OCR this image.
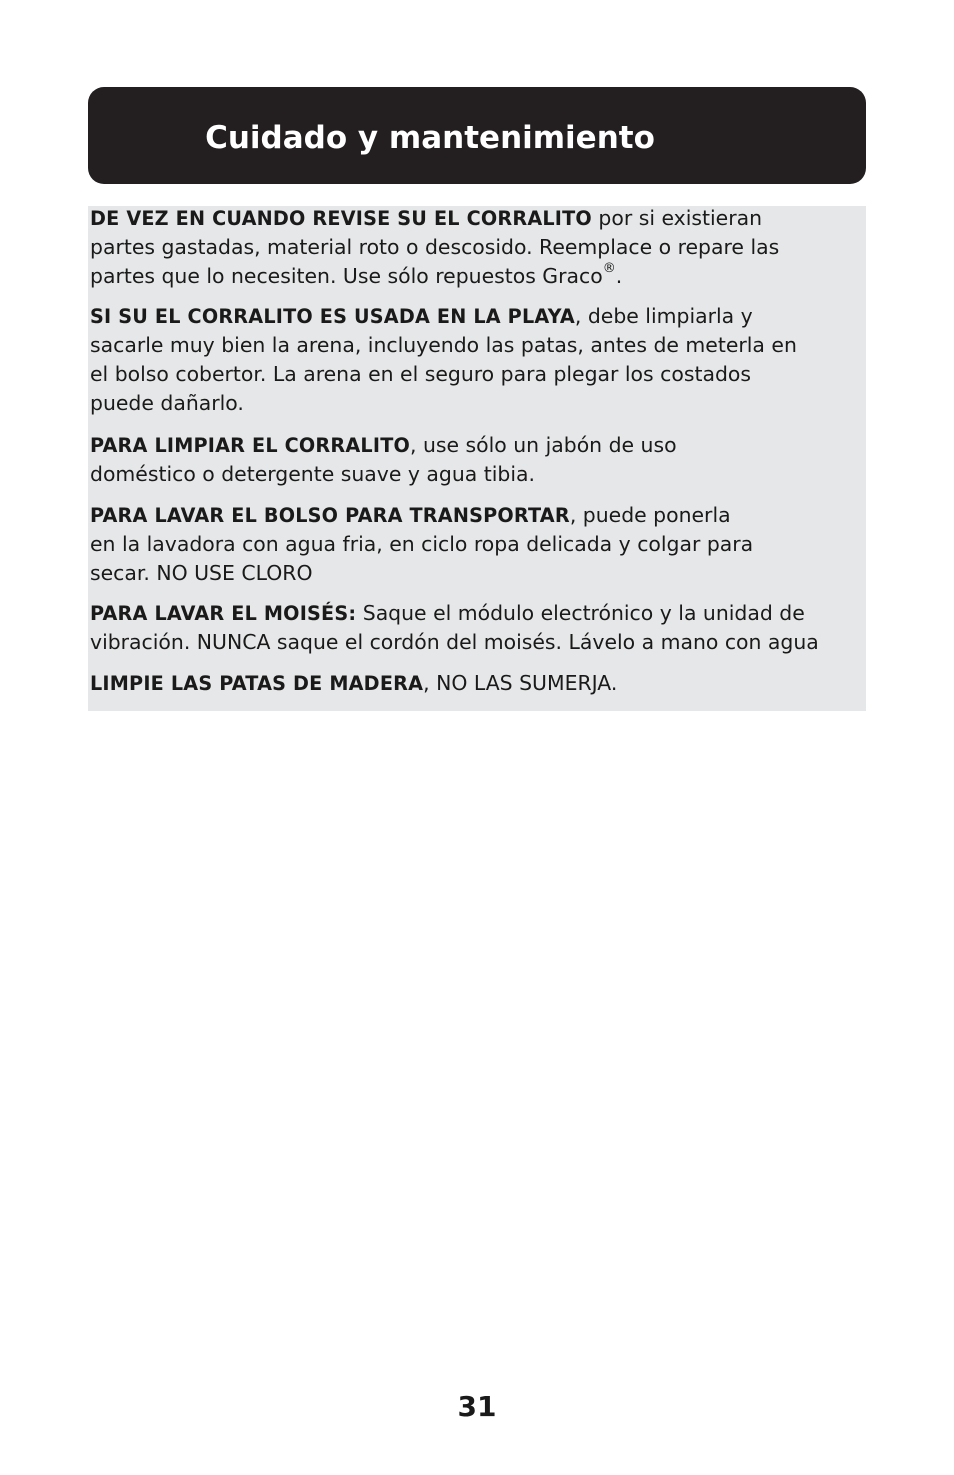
Cuidado y mantenimiento

DE VEZ EN CUANDO REVISE SU EL CORRALITO por si existieran
partes gastadas, material roto o descosido. Reemplace o repare las
partes que lo necesiten. Use sólo repuestos Graco®.

SI SU EL CORRALITO ES USADA EN LA PLAYA, debe limpiarla y
sacarle muy bien la arena, incluyendo las patas, antes de meterla en
el bolso cobertor. La arena en el seguro para plegar los costados
puede dañarlo.

PARA LIMPIAR EL CORRALITO, use sólo un jabón de uso
doméstico o detergente suave y agua tibia.

PARA LAVAR EL BOLSO PARA TRANSPORTAR, puede ponerla
en la lavadora con agua fria, en ciclo ropa delicada y colgar para
secar. NO USE CLORO

PARA LAVAR EL MOISÉS: Saque el módulo electrónico y la unidad de
vibración. NUNCA saque el cordón del moisés. Lávelo a mano con agua

LIMPIE LAS PATAS DE MADERA, NO LAS SUMERJA.

31
